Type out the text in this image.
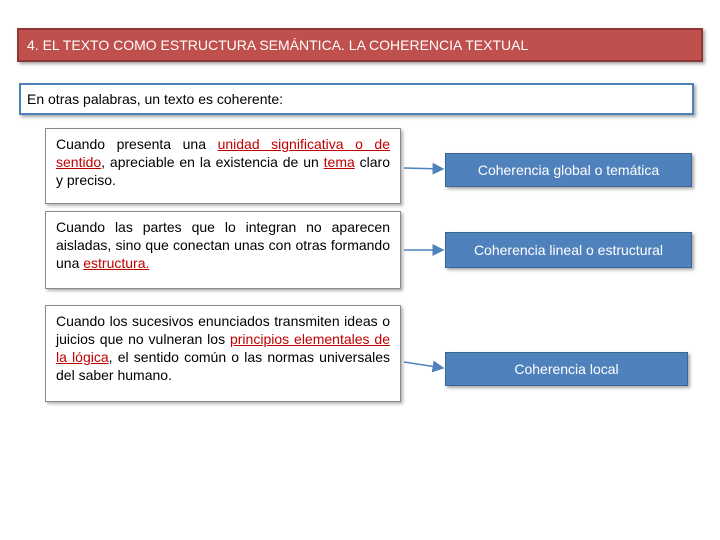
4. EL TEXTO COMO ESTRUCTURA SEMÁNTICA. LA COHERENCIA TEXTUAL
En otras palabras, un texto es coherente:
Cuando presenta una unidad significativa o de sentido, apreciable en la existencia de un tema claro y preciso.
Coherencia global o temática
Cuando las partes que lo integran no aparecen aisladas, sino que conectan unas con otras formando una estructura.
Coherencia lineal o estructural
Cuando los sucesivos enunciados transmiten ideas o juicios que no vulneran los principios elementales de la lógica, el sentido común o las normas universales del saber humano.	Coherencia local
